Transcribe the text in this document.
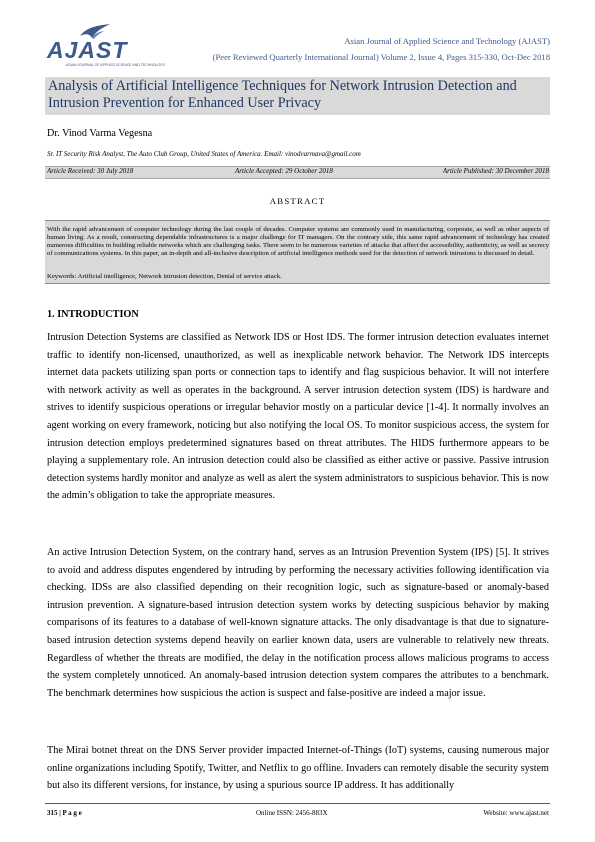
Asian Journal of Applied Science and Technology (AJAST)
(Peer Reviewed Quarterly International Journal) Volume 2, Issue 4, Pages 315-330, Oct-Dec 2018
AJAST
ASIAN JOURNAL OF APPLIED SCIENCE AND TECHNOLOGY
Analysis of Artificial Intelligence Techniques for Network Intrusion Detection and Intrusion Prevention for Enhanced User Privacy
Dr. Vinod Varma Vegesna
Sr. IT Security Risk Analyst, The Auto Club Group, United States of America. Email: vinodvarmava@gmail.com
Article Received: 30 July 2018	Article Accepted: 29 October 2018	Article Published: 30 December 2018
ABSTRACT
With the rapid advancement of computer technology during the last couple of decades. Computer systems are commonly used in manufacturing, corporate, as well as other aspects of human living. As a result, constructing dependable infrastructures is a major challenge for IT managers. On the contrary side, this same rapid advancement of technology has created numerous difficulties in building reliable networks which are challenging tasks. There seem to be numerous varieties of attacks that affect the accessibility, authenticity, as well as secrecy of communications systems. In this paper, an in-depth and all-inclusive description of artificial intelligence methods used for the detection of network intrusions is discussed in detail.
Keywords: Artificial intelligence, Network intrusion detection, Denial of service attack.
1. INTRODUCTION
Intrusion Detection Systems are classified as Network IDS or Host IDS. The former intrusion detection evaluates internet traffic to identify non-licensed, unauthorized, as well as inexplicable network behavior. The Network IDS intercepts internet data packets utilizing span ports or connection taps to identify and flag suspicious behavior. It will not interfere with network activity as well as operates in the background. A server intrusion detection system (IDS) is hardware and strives to identify suspicious operations or irregular behavior mostly on a particular device [1-4]. It normally involves an agent working on every framework, noticing but also notifying the local OS. To monitor suspicious access, the system for intrusion detection employs predetermined signatures based on threat attributes. The HIDS furthermore appears to be playing a supplementary role. An intrusion detection could also be classified as either active or passive. Passive intrusion detection systems hardly monitor and analyze as well as alert the system administrators to suspicious behavior. This is now the admin’s obligation to take the appropriate measures.
An active Intrusion Detection System, on the contrary hand, serves as an Intrusion Prevention System (IPS) [5]. It strives to avoid and address disputes engendered by intruding by performing the necessary activities following identification via checking. IDSs are also classified depending on their recognition logic, such as signature-based or anomaly-based intrusion prevention. A signature-based intrusion detection system works by detecting suspicious behavior by making comparisons of its features to a database of well-known signature attacks. The only disadvantage is that due to signature-based intrusion detection systems depend heavily on earlier known data, users are vulnerable to relatively new threats. Regardless of whether the threats are modified, the delay in the notification process allows malicious programs to access the system completely unnoticed. An anomaly-based intrusion detection system compares the attributes to a benchmark. The benchmark determines how suspicious the action is suspect and false-positive are indeed a major issue.
The Mirai botnet threat on the DNS Server provider impacted Internet-of-Things (IoT) systems, causing numerous major online organizations including Spotify, Twitter, and Netflix to go offline. Invaders can remotely disable the security system but also its different versions, for instance, by using a spurious source IP address. It has additionally
315 | P a g e	Online ISSN: 2456-883X	Website: www.ajast.net
